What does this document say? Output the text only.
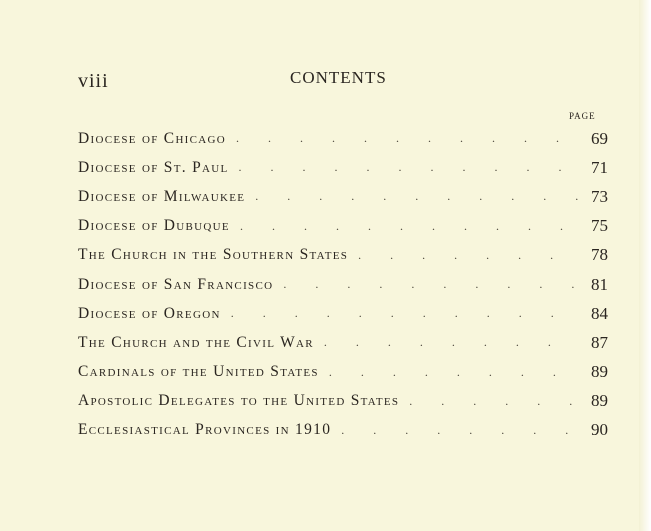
viii	CONTENTS
PAGE
Diocese of Chicago . . .	69
Diocese of St. Paul . . .	71
Diocese of Milwaukee . . .	73
Diocese of Dubuque . . .	75
The Church in the Southern States . . .	78
Diocese of San Francisco . . .	81
Diocese of Oregon . . .	84
The Church and the Civil War . . .	87
Cardinals of the United States . . .	89
Apostolic Delegates to the United States . . .	89
Ecclesiastical Provinces in 1910 . . .	90
